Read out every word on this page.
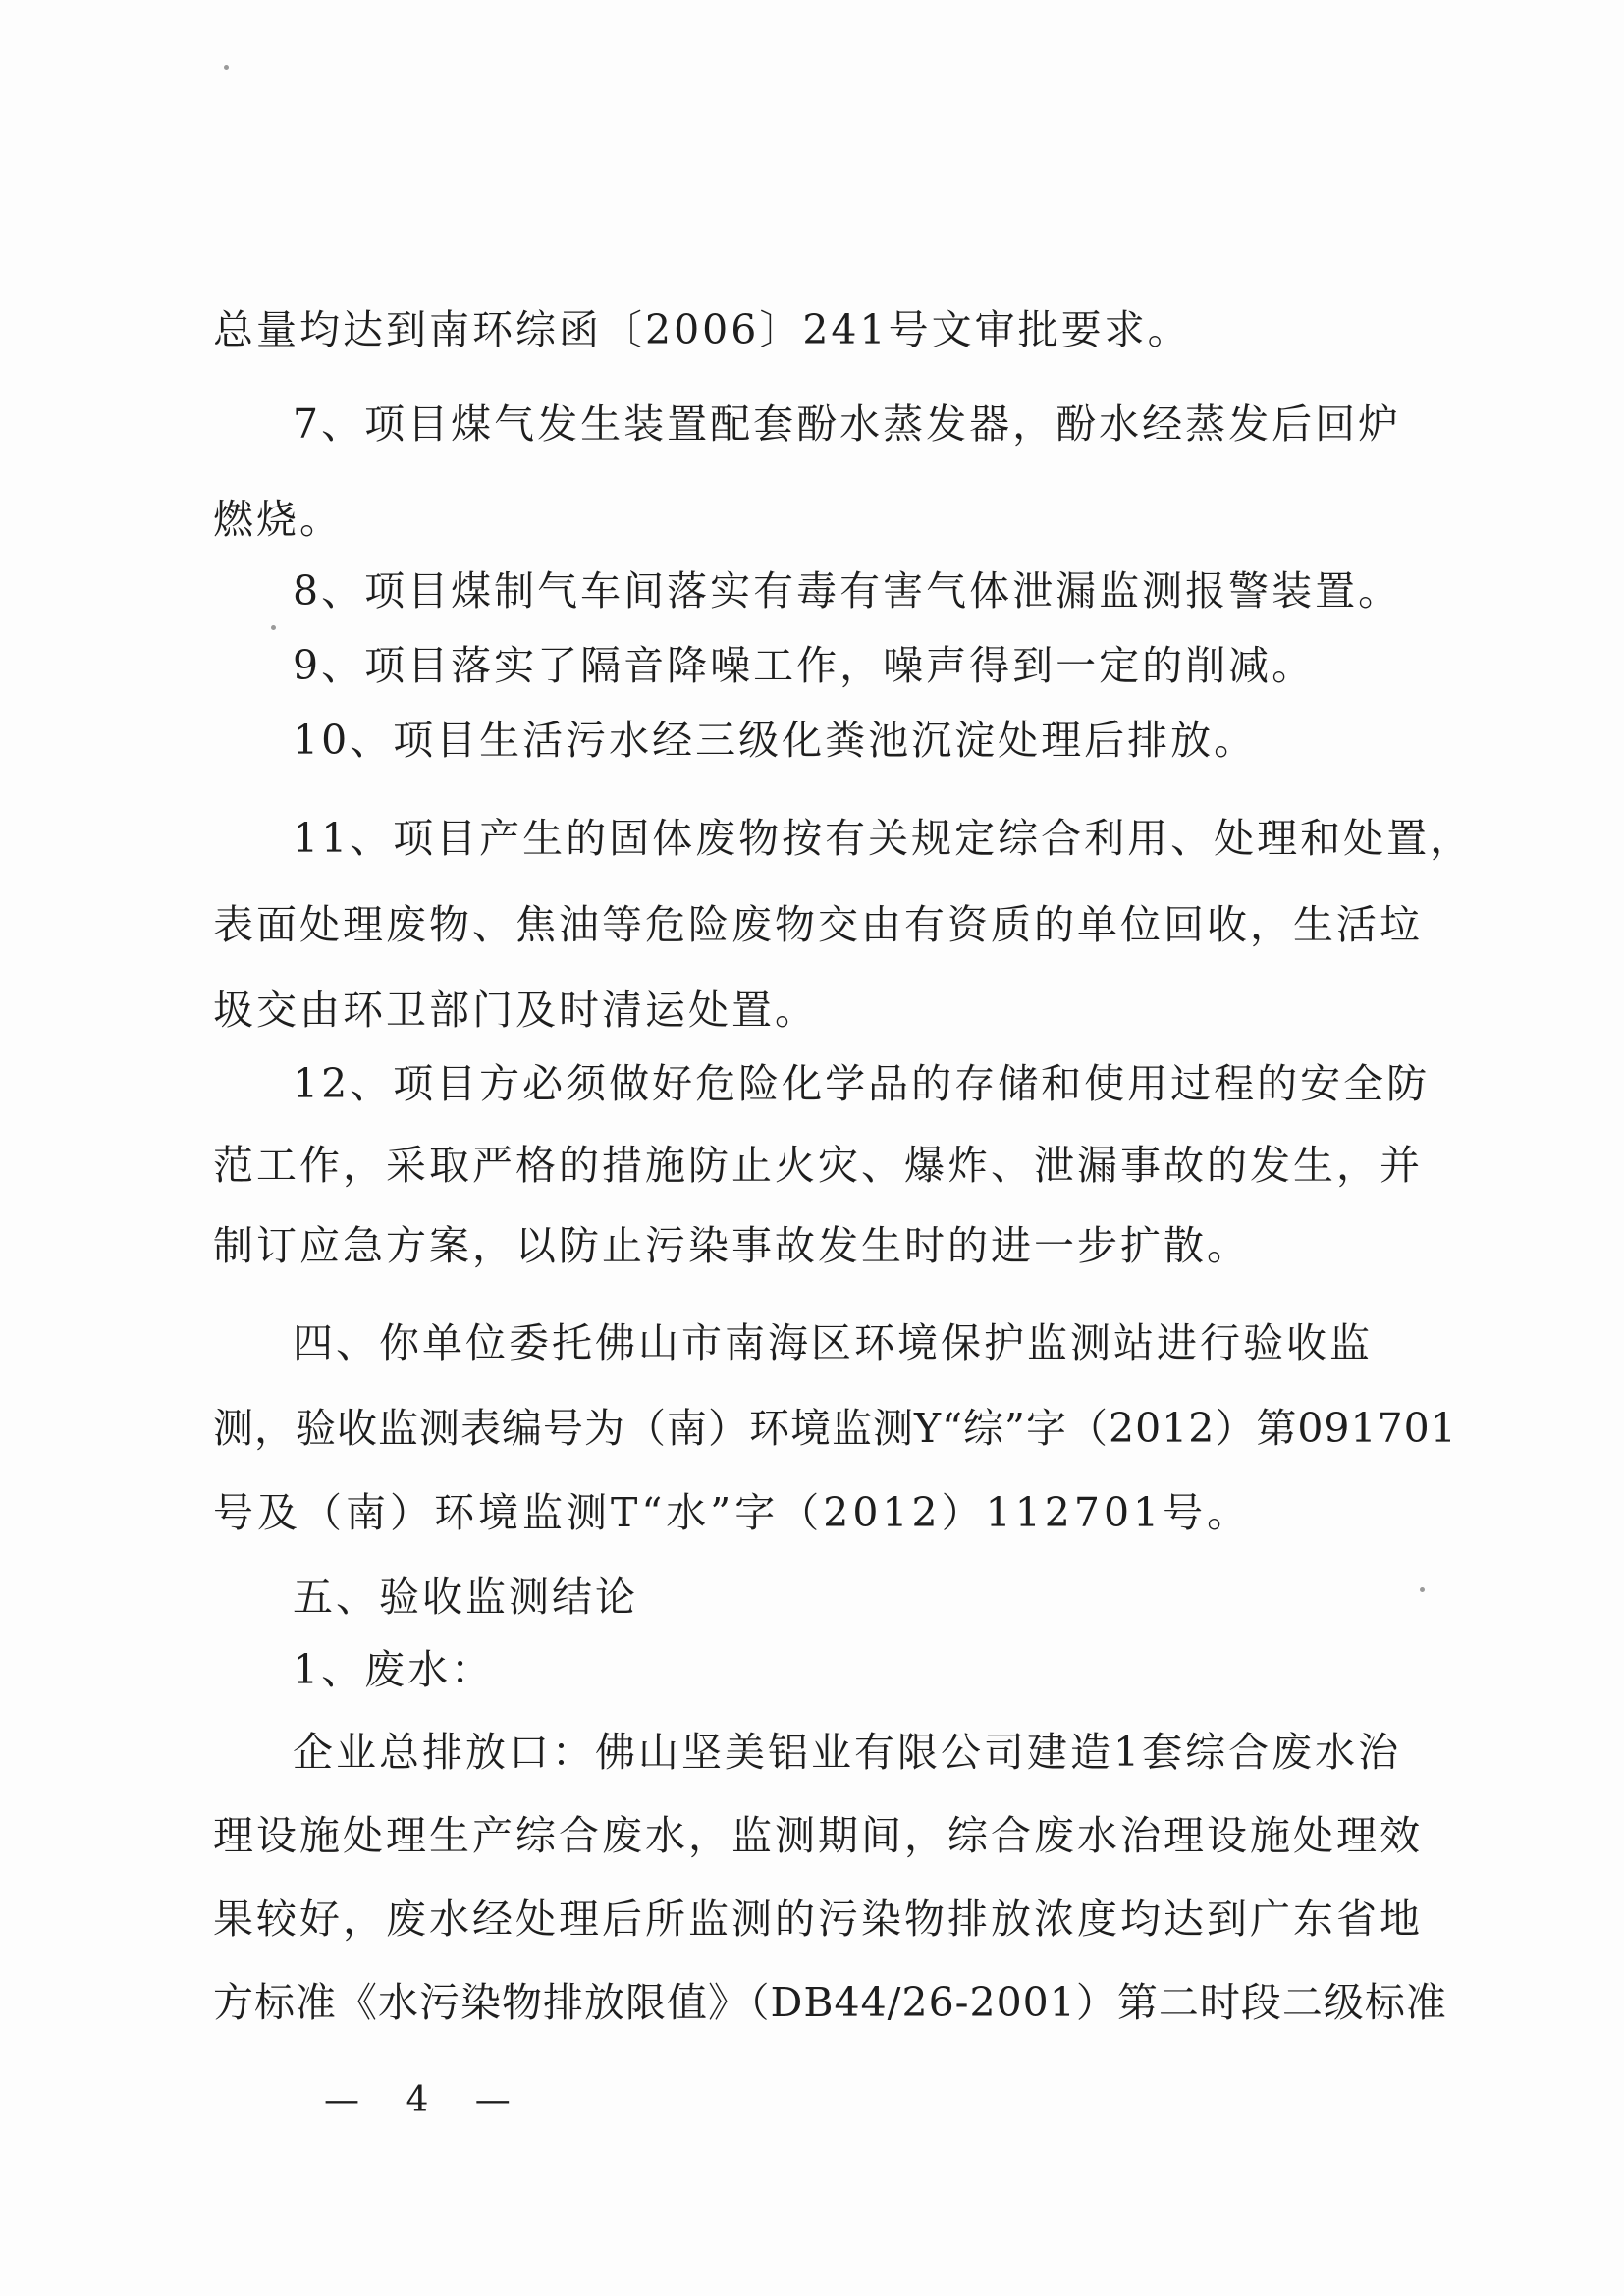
总量均达到南环综函〔2006〕241号文审批要求。
7、项目煤气发生装置配套酚水蒸发器，酚水经蒸发后回炉
燃烧。
8、项目煤制气车间落实有毒有害气体泄漏监测报警装置。
9、项目落实了隔音降噪工作，噪声得到一定的削减。
10、项目生活污水经三级化粪池沉淀处理后排放。
11、项目产生的固体废物按有关规定综合利用、处理和处置，
表面处理废物、焦油等危险废物交由有资质的单位回收，生活垃
圾交由环卫部门及时清运处置。
12、项目方必须做好危险化学品的存储和使用过程的安全防
范工作，采取严格的措施防止火灾、爆炸、泄漏事故的发生，并
制订应急方案，以防止污染事故发生时的进一步扩散。
四、你单位委托佛山市南海区环境保护监测站进行验收监
测，验收监测表编号为（南）环境监测Y“综”字（2012）第091701
号及（南）环境监测T“水”字（2012）112701号。
五、验收监测结论
1、废水：
企业总排放口：佛山坚美铝业有限公司建造1套综合废水治
理设施处理生产综合废水，监测期间，综合废水治理设施处理效
果较好，废水经处理后所监测的污染物排放浓度均达到广东省地
方标准《水污染物排放限值》（DB44/26-2001）第二时段二级标准
— 4 —
